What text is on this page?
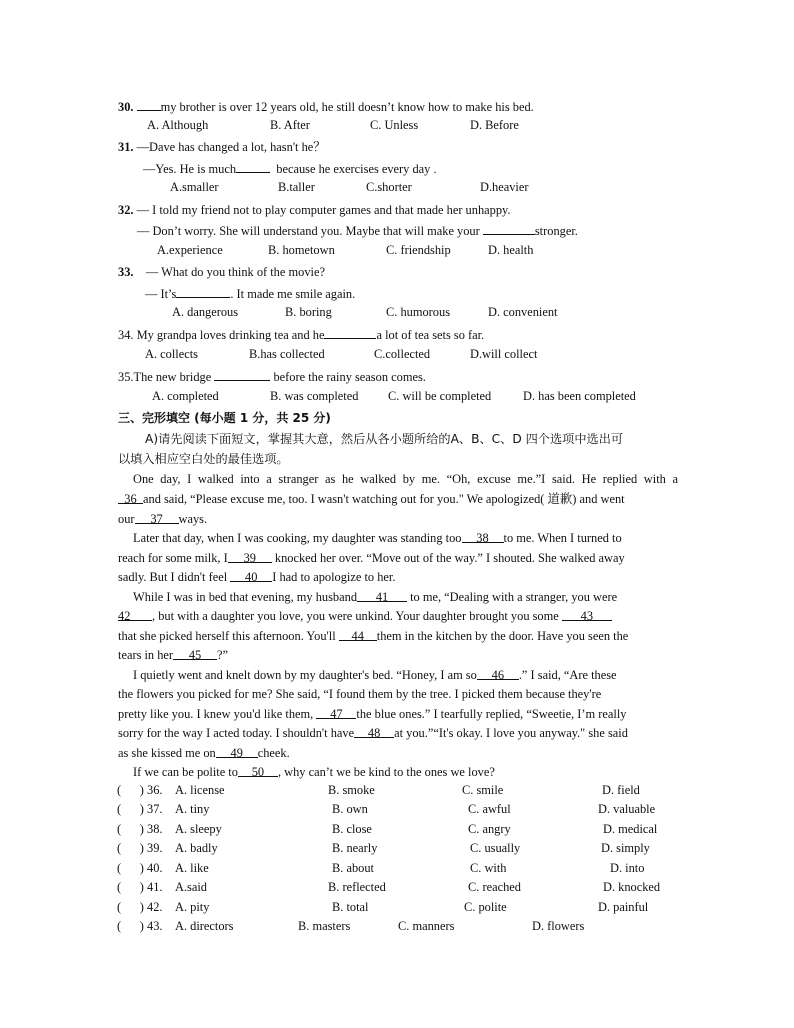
30. my brother is over 12 years old, he still doesn’t know how to make his bed.
A. Although	B. After	C. Unless	D. Before
31. —Dave has changed a lot, hasn't he？
—Yes. He is much	because he exercises every day .
A.smaller	B.taller	C.shorter	D.heavier
32. — I told my friend not to play computer games and that made her unhappy.
— Don’t worry. She will understand you. Maybe that will make your	stronger.
A.experience	B. hometown	C. friendship	D. health
33. — What do you think of the movie?
— It’s	. It made me smile again.
A. dangerous	B. boring	C. humorous	D. convenient
34. My grandpa loves drinking tea and he	a lot of tea sets so far.
A. collects	B.has collected	C.collected	D.will collect
35.The new bridge	before the rainy season comes.
A. completed	B. was completed C. will be completed	D. has been completed
三、完形填空 (每小题 1 分，共 25 分)
A)请先阅读下面短文，掌握其大意，然后从各小题所给的A、B、C、D 四个选项中选出可
以填入相应空白处的最佳选项。
One day, I walked into a stranger as he walked by me. “Oh, excuse me.”I said. He replied with a
36 and said, “Please excuse me, too. I wasn't watching out for you." We apologized( 道歉) and went
our 37 ways.
Later that day, when I was cooking, my daughter was standing too 38 to me. When I turned to
reach for some milk, I 39 knocked her over. “Move out of the way.” I shouted. She walked away
sadly. But I didn't feel 40 I had to apologize to her.
While I was in bed that evening, my husband 41 to me, “Dealing with a stranger, you were
42 , but with a daughter you love, you were unkind. Your daughter brought you some 43
that she picked herself this afternoon. You'll 44 them in the kitchen by the door. Have you seen the
tears in her 45 ?”
I quietly went and knelt down by my daughter's bed. “Honey, I am so 46 .” I said, “Are these
the flowers you picked for me? She said, “I found them by the tree. I picked them because they're
pretty like you. I knew you'd like them, 47 the blue ones.” I tearfully replied, “Sweetie, I’m really
sorry for the way I acted today. I shouldn't have 48 at you.”“It's okay. I love you anyway." she said
as she kissed me on 49 cheek.
If we can be polite to 50 , why can’t we be kind to the ones we love?
(      ) 36. A. license	B. smoke	C. smile	D. field
(      ) 37. A. tiny	B. own	C. awful	D. valuable
(      ) 38. A. sleepy	B. close	C. angry	D. medical
(      ) 39. A. badly	B. nearly	C. usually	D. simply
(      ) 40. A. like	B. about	C. with	D. into
(      ) 41. A.said	B. reflected	C. reached	D. knocked
(      ) 42. A. pity	B. total	C. polite	D. painful
(      ) 43. A. directors	B. masters	C. manners	D. flowers
